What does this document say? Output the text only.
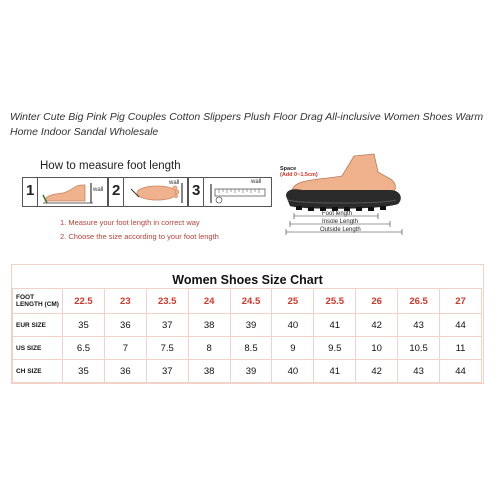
Winter Cute Big Pink Pig Couples Cotton Slippers Plush Floor Drag All-inclusive Women Shoes Warm
Home Indoor Sandal Wholesale
How to measure foot length
1	wall 2	wall 3	wall
1. Measure your foot length in correct way
2. Choose the size according to your foot length
Space
(Add 0~1.5cm)
Foot length
Insole Length
Outside Length
Women Shoes Size Chart
FOOT LENGTH (CM)	22.5	23	23.5	24	24.5	25	25.5	26	26.5	27
EUR SIZE	35	36	37	38	39	40	41	42	43	44
US SIZE	6.5	7	7.5	8	8.5	9	9.5	10	10.5	11
CH SIZE	35	36	37	38	39	40	41	42	43	44
